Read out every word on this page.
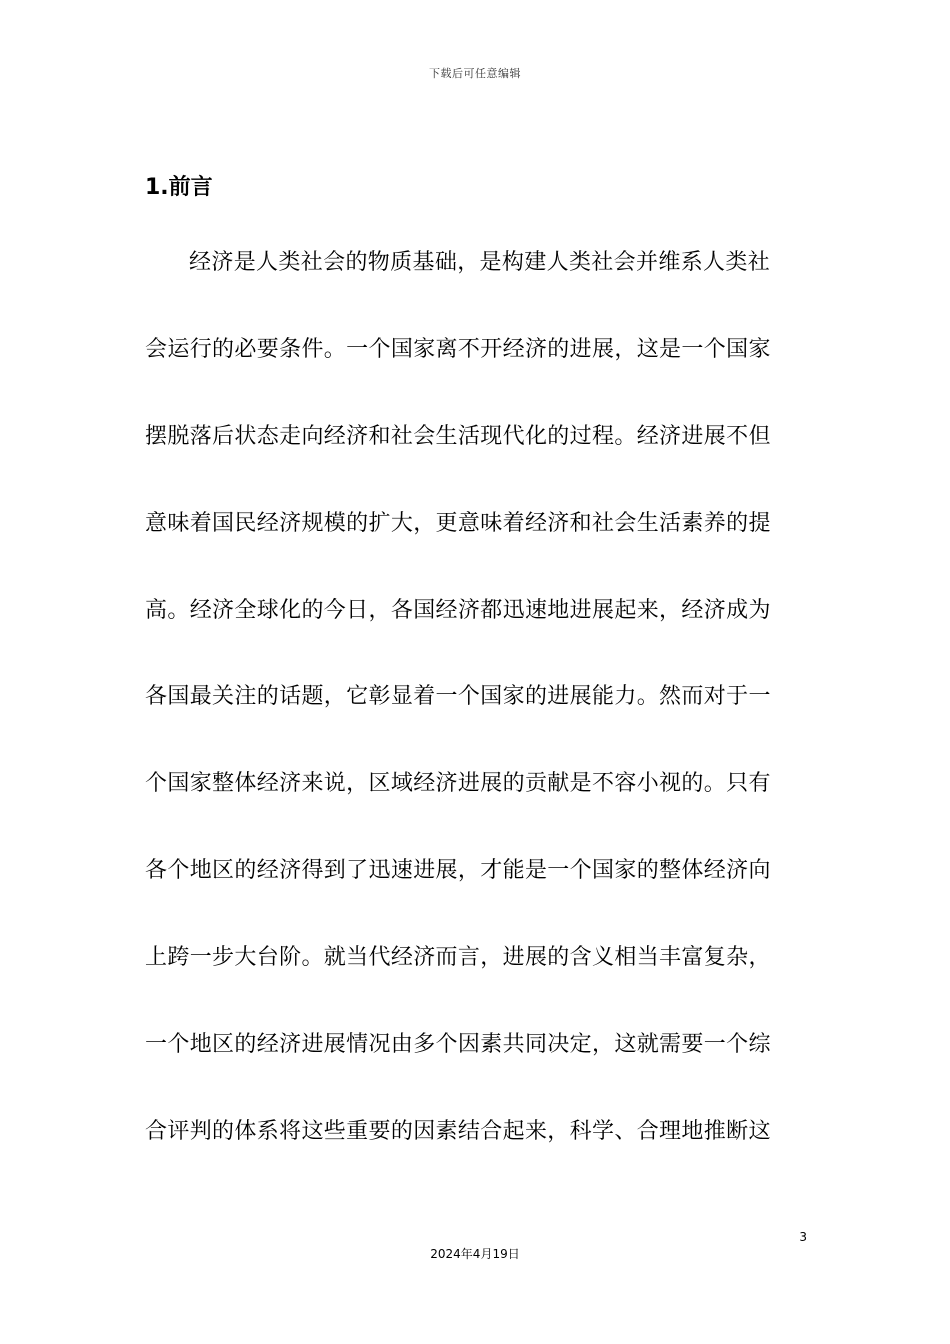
下载后可任意编辑
1.前言
经济是人类社会的物质基础，是构建人类社会并维系人类社
会运行的必要条件。一个国家离不开经济的进展，这是一个国家
摆脱落后状态走向经济和社会生活现代化的过程。经济进展不但
意味着国民经济规模的扩大，更意味着经济和社会生活素养的提
高。经济全球化的今日，各国经济都迅速地进展起来，经济成为
各国最关注的话题，它彰显着一个国家的进展能力。然而对于一
个国家整体经济来说，区域经济进展的贡献是不容小视的。只有
各个地区的经济得到了迅速进展，才能是一个国家的整体经济向
上跨一步大台阶。就当代经济而言，进展的含义相当丰富复杂，
一个地区的经济进展情况由多个因素共同决定，这就需要一个综
合评判的体系将这些重要的因素结合起来，科学、合理地推断这
3
2024年4月19日
